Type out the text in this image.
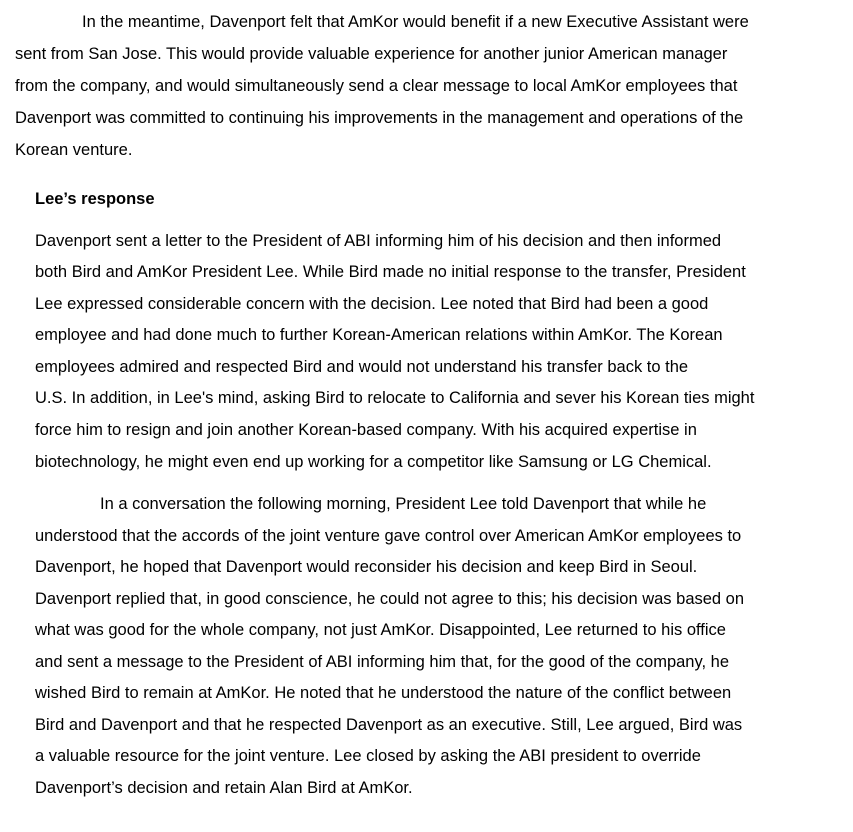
In the meantime, Davenport felt that AmKor would benefit if a new Executive Assistant were
sent from San Jose. This would provide valuable experience for another junior American manager
from the company, and would simultaneously send a clear message to local AmKor employees that
Davenport was committed to continuing his improvements in the management and operations of the
Korean venture.
Lee’s response
Davenport sent a letter to the President of ABI informing him of his decision and then informed
both Bird and AmKor President Lee. While Bird made no initial response to the transfer, President
Lee expressed considerable concern with the decision. Lee noted that Bird had been a good
employee and had done much to further Korean-American relations within AmKor. The Korean
employees admired and respected Bird and would not understand his transfer back to the
U.S. In addition, in Lee's mind, asking Bird to relocate to California and sever his Korean ties might
force him to resign and join another Korean-based company. With his acquired expertise in
biotechnology, he might even end up working for a competitor like Samsung or LG Chemical.
In a conversation the following morning, President Lee told Davenport that while he
understood that the accords of the joint venture gave control over American AmKor employees to
Davenport, he hoped that Davenport would reconsider his decision and keep Bird in Seoul.
Davenport replied that, in good conscience, he could not agree to this; his decision was based on
what was good for the whole company, not just AmKor. Disappointed, Lee returned to his office
and sent a message to the President of ABI informing him that, for the good of the company, he
wished Bird to remain at AmKor. He noted that he understood the nature of the conflict between
Bird and Davenport and that he respected Davenport as an executive. Still, Lee argued, Bird was
a valuable resource for the joint venture. Lee closed by asking the ABI president to override
Davenport’s decision and retain Alan Bird at AmKor.
